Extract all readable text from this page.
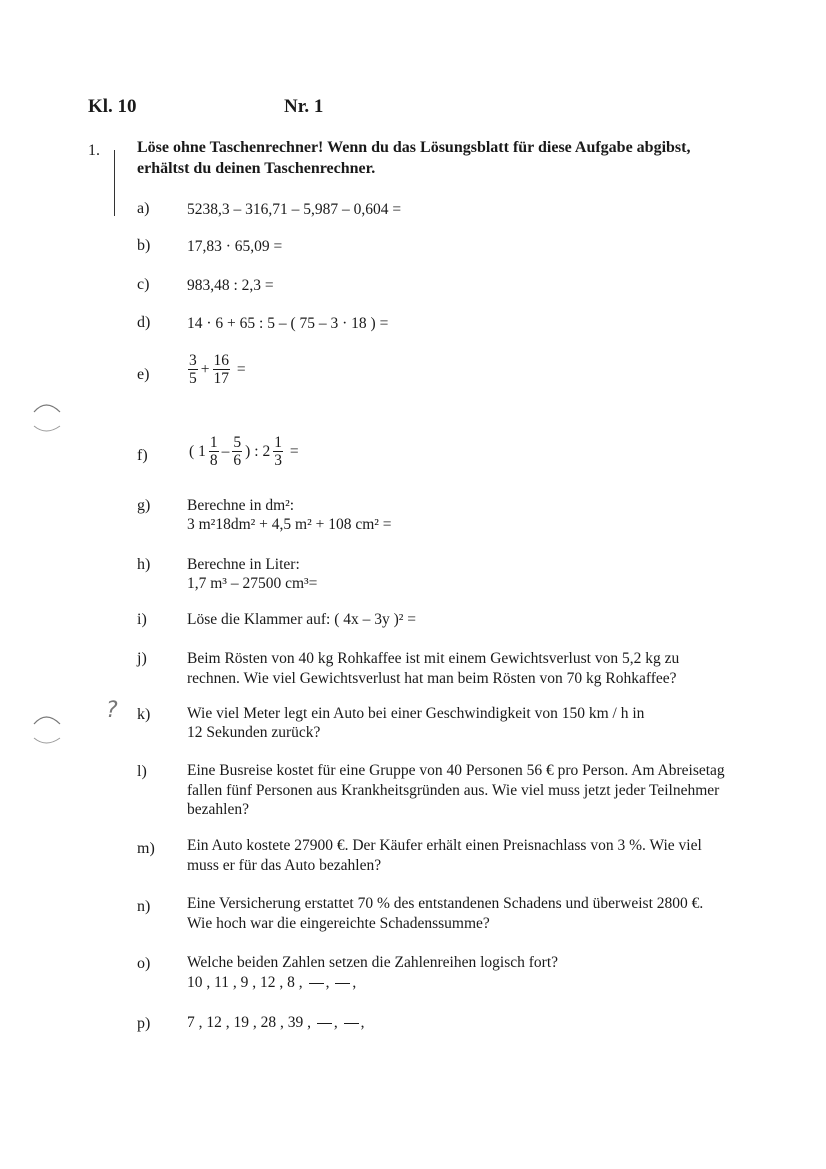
Kl. 10	Nr. 1
1. Löse ohne Taschenrechner! Wenn du das Lösungsblatt für diese Aufgabe abgibst, erhältst du deinen Taschenrechner.
a) 5238,3 – 316,71 – 5,987 – 0,604 =
b) 17,83 · 65,09 =
c) 983,48 : 2,3 =
d) 14 · 6 + 65 : 5 – ( 75 – 3 · 18 ) =
$e) \frac{3}{5} + \frac{16}{17}$ =
f)	( $1 \frac{1}{8} - \frac{5}{6}$ ) : $2 \frac{1}{3}$ =
g) Berechne in dm²:
3 m²18dm² + 4,5 m² + 108 cm² =
h) Berechne in Liter:
1,7 m³ – 27500 cm³=
i)	Löse die Klammer auf: ( 4x – 3y )² =
j)	Beim Rösten von 40 kg Rohkaffee ist mit einem Gewichtsverlust von 5,2 kg zu rechnen. Wie viel Gewichtsverlust hat man beim Rösten von 70 kg Rohkaffee?
? k) Wie viel Meter legt ein Auto bei einer Geschwindigkeit von 150 km / h in
12 Sekunden zurück?
l)	Eine Busreise kostet für eine Gruppe von 40 Personen 56 € pro Person. Am Abreisetag fallen fünf Personen aus Krankheitsgründen aus. Wie viel muss jetzt jeder Teilnehmer bezahlen?
m) Ein Auto kostete 27900 €. Der Käufer erhält einen Preisnachlass von 3 %. Wie viel muss er für das Auto bezahlen?
n) Eine Versicherung erstattet 70 % des entstandenen Schadens und überweist 2800 €. Wie hoch war die eingereichte Schadenssumme?
o) Welche beiden Zahlen setzen die Zahlenreihen logisch fort?
10 , 11 , 9 , 12 , 8 , , ,
p) 7 , 12 , 19 , 28 , 39 , , ,
